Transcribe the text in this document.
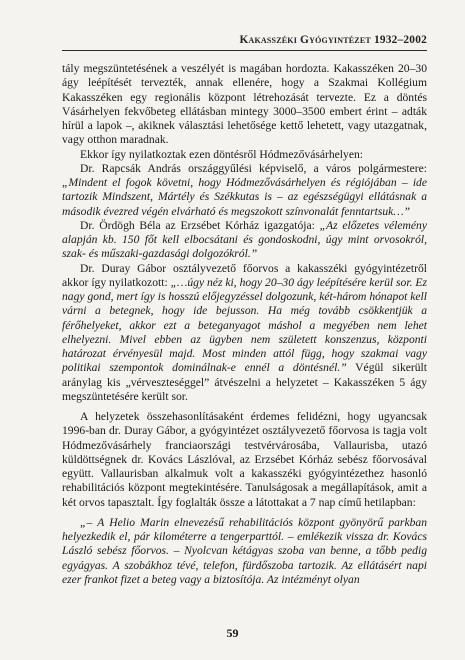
Kakasszéki Gyógyintézet 1932–2002

tály megszüntetésének a veszélyét is magában hordozta. Kakasszéken 20–30 ágy leépítését tervezték, annak ellenére, hogy a Szakmai Kollégium Kakasszéken egy regionális központ létrehozását tervezte. Ez a döntés Vásárhelyen fekvőbeteg ellátásban mintegy 3000–3500 embert érint – adták hírül a lapok –, akiknek választási lehetősége kettő lehetett, vagy utazgatnak, vagy otthon maradnak.

Ekkor így nyilatkoztak ezen döntésről Hódmezővásárhelyen:

Dr. Rapcsák András országgyűlési képviselő, a város polgármestere: „Mindent el fogok követni, hogy Hódmezővásárhelyen és régiójában – ide tartozik Mindszent, Mártély és Székkutas is – az egészségügyi ellátásnak a második évezred végén elvárható és megszokott színvonalát fenntartsuk…”

Dr. Ördögh Béla az Erzsébet Kórház igazgatója: „Az előzetes vélemény alapján kb. 150 főt kell elbocsátani és gondoskodni, úgy mint orvosokról, szak- és műszaki-gazdasági dolgozókról.”

Dr. Duray Gábor osztályvezető főorvos a kakasszéki gyógyintézetről akkor így nyilatkozott: „…úgy néz ki, hogy 20–30 ágy leépítésére kerül sor. Ez nagy gond, mert így is hosszú előjegyzéssel dolgozunk, két-három hónapot kell várni a betegnek, hogy ide bejusson. Ha még tovább csökkentjük a férőhelyeket, akkor ezt a beteganyagot máshol a megyében nem lehet elhelyezni. Mivel ebben az ügyben nem született konszenzus, központi határozat érvényesül majd. Most minden attól függ, hogy szakmai vagy politikai szempontok dominálnak-e ennél a döntésnél.” Végül sikerült aránylag kis „vérveszteséggel” átvészelni a helyzetet – Kakasszéken 5 ágy megszüntetésére került sor.

A helyzetek összehasonlításaként érdemes felidézni, hogy ugyancsak 1996-ban dr. Duray Gábor, a gyógyintézet osztályvezető főorvosa is tagja volt Hódmezővásárhely franciaországi testvérvárosába, Vallaurisba, utazó küldöttségnek dr. Kovács Lászlóval, az Erzsébet Kórház sebész főorvosával együtt. Vallaurisban alkalmuk volt a kakasszéki gyógyintézethez hasonló rehabilitációs központ megtekintésére. Tanulságosak a megállapítások, amit a két orvos tapasztalt. Így foglalták össze a látottakat a 7 nap című hetilapban:

„– A Helio Marin elnevezésű rehabilitációs központ gyönyörű parkban helyezkedik el, pár kilométerre a tengerparttól. – emlékezik vissza dr. Kovács László sebész főorvos. – Nyolcvan kétágyas szoba van benne, a tőbb pedig egyágyas. A szobákhoz tévé, telefon, fürdőszoba tartozik. Az ellátásért napi ezer frankot fizet a beteg vagy a biztosítója. Az intézményt olyan

59
